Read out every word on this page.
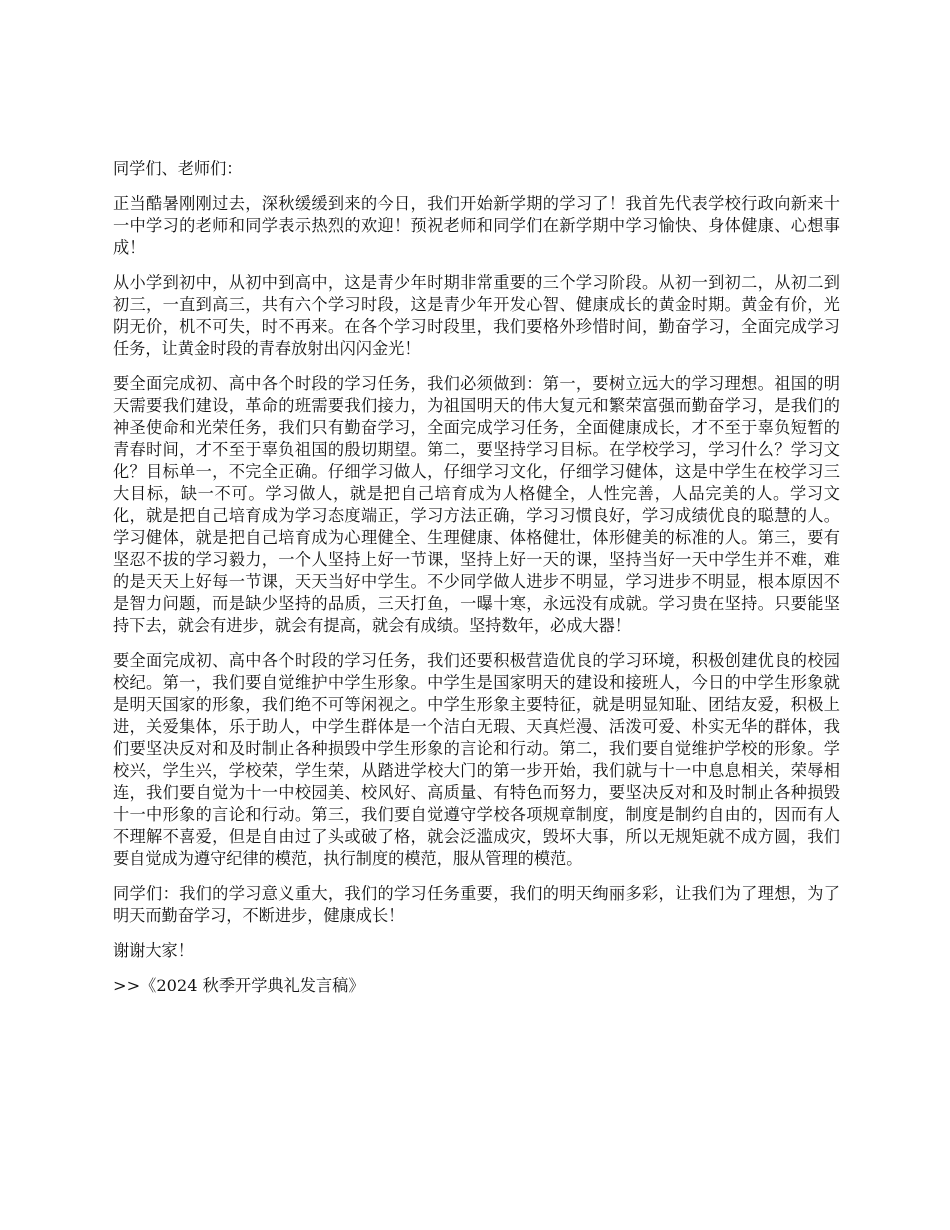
同学们、老师们：

正当酷暑刚刚过去，深秋缓缓到来的今日，我们开始新学期的学习了！我首先代表学校行政向新来十一中学习的老师和同学表示热烈的欢迎！预祝老师和同学们在新学期中学习愉快、身体健康、心想事成！

从小学到初中，从初中到高中，这是青少年时期非常重要的三个学习阶段。从初一到初二，从初二到初三，一直到高三，共有六个学习时段，这是青少年开发心智、健康成长的黄金时期。黄金有价，光阴无价，机不可失，时不再来。在各个学习时段里，我们要格外珍惜时间，勤奋学习，全面完成学习任务，让黄金时段的青春放射出闪闪金光！

要全面完成初、高中各个时段的学习任务，我们必须做到：第一，要树立远大的学习理想。祖国的明天需要我们建设，革命的班需要我们接力，为祖国明天的伟大复元和繁荣富强而勤奋学习，是我们的神圣使命和光荣任务，我们只有勤奋学习，全面完成学习任务，全面健康成长，才不至于辜负短暂的青春时间，才不至于辜负祖国的殷切期望。第二，要坚持学习目标。在学校学习，学习什么？学习文化？目标单一，不完全正确。仔细学习做人，仔细学习文化，仔细学习健体，这是中学生在校学习三大目标，缺一不可。学习做人，就是把自己培育成为人格健全，人性完善，人品完美的人。学习文化，就是把自己培育成为学习态度端正，学习方法正确，学习习惯良好，学习成绩优良的聪慧的人。学习健体，就是把自己培育成为心理健全、生理健康、体格健壮，体形健美的标准的人。第三，要有坚忍不拔的学习毅力，一个人坚持上好一节课，坚持上好一天的课，坚持当好一天中学生并不难，难的是天天上好每一节课，天天当好中学生。不少同学做人进步不明显，学习进步不明显，根本原因不是智力问题，而是缺少坚持的品质，三天打鱼，一曝十寒，永远没有成就。学习贵在坚持。只要能坚持下去，就会有进步，就会有提高，就会有成绩。坚持数年，必成大器！

要全面完成初、高中各个时段的学习任务，我们还要积极营造优良的学习环境，积极创建优良的校园校纪。第一，我们要自觉维护中学生形象。中学生是国家明天的建设和接班人，今日的中学生形象就是明天国家的形象，我们绝不可等闲视之。中学生形象主要特征，就是明显知耻、团结友爱，积极上进，关爱集体，乐于助人，中学生群体是一个洁白无瑕、天真烂漫、活泼可爱、朴实无华的群体，我们要坚决反对和及时制止各种损毁中学生形象的言论和行动。第二，我们要自觉维护学校的形象。学校兴，学生兴，学校荣，学生荣，从踏进学校大门的第一步开始，我们就与十一中息息相关，荣辱相连，我们要自觉为十一中校园美、校风好、高质量、有特色而努力，要坚决反对和及时制止各种损毁十一中形象的言论和行动。第三，我们要自觉遵守学校各项规章制度，制度是制约自由的，因而有人不理解不喜爱，但是自由过了头或破了格，就会泛滥成灾，毁坏大事，所以无规矩就不成方圆，我们要自觉成为遵守纪律的模范，执行制度的模范，服从管理的模范。

同学们：我们的学习意义重大，我们的学习任务重要，我们的明天绚丽多彩，让我们为了理想，为了明天而勤奋学习，不断进步，健康成长！

谢谢大家！

>>《2024 秋季开学典礼发言稿》
